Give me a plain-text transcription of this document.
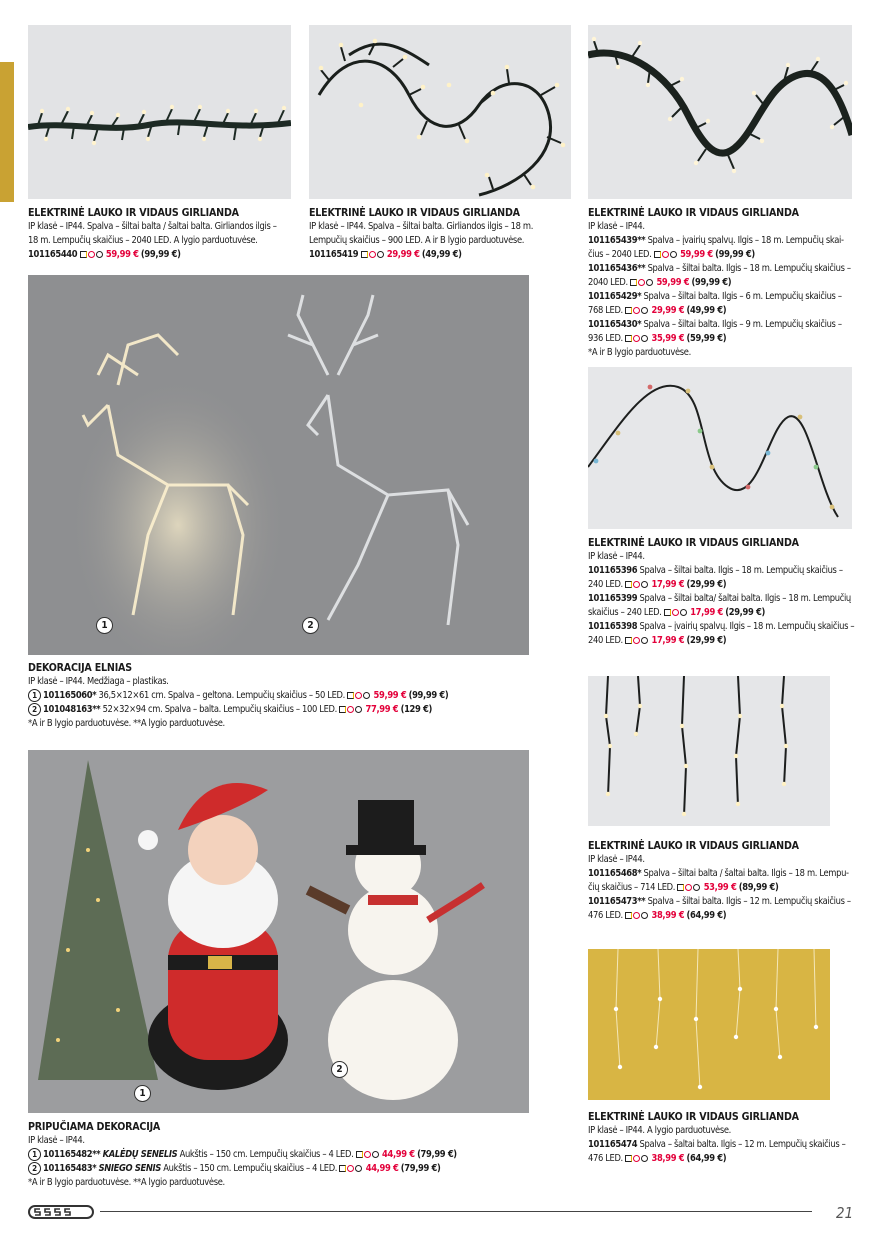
1	2
1
2
ELEKTRINĖ LAUKO IR VIDAUS GIRLIANDA
IP klasė – IP44. Spalva – šiltai balta / šaltai balta. Girliandos ilgis –
18 m. Lempučių skaičius – 2040 LED. A lygio parduotuvėse.
101165440	59,99 € (99,99 €)
ELEKTRINĖ LAUKO IR VIDAUS GIRLIANDA
IP klasė – IP44. Spalva – šiltai balta. Girliandos ilgis – 18 m.
Lempučių skaičius – 900 LED. A ir B lygio parduotuvėse.
101165419	29,99 € (49,99 €)
ELEKTRINĖ LAUKO IR VIDAUS GIRLIANDA
IP klasė – IP44.
101165439** Spalva – įvairių spalvų. Ilgis – 18 m. Lempučių skai-
čius – 2040 LED.	59,99 € (99,99 €)
101165436** Spalva – šiltai balta. Ilgis – 18 m. Lempučių skaičius –
2040 LED.	59,99 € (99,99 €)
101165429* Spalva – šiltai balta. Ilgis – 6 m. Lempučių skaičius –
768 LED.	29,99 € (49,99 €)
101165430* Spalva – šiltai balta. Ilgis – 9 m. Lempučių skaičius –
936 LED.	35,99 € (59,99 €)
*A ir B lygio parduotuvėse.
ELEKTRINĖ LAUKO IR VIDAUS GIRLIANDA
IP klasė – IP44.
101165396 Spalva – šiltai balta. Ilgis – 18 m. Lempučių skaičius –
240 LED.	17,99 € (29,99 €)
101165399 Spalva – šiltai balta/ šaltai balta. Ilgis – 18 m. Lempučių
skaičius – 240 LED.	17,99 € (29,99 €)
101165398 Spalva – įvairių spalvų. Ilgis – 18 m. Lempučių skaičius –
240 LED.	17,99 € (29,99 €)
DEKORACIJA ELNIAS
IP klasė – IP44. Medžiaga – plastikas.
1 101165060* 36,5×12×61 cm. Spalva – geltona. Lempučių skaičius – 50 LED.	59,99 € (99,99 €)
2 101048163** 52×32×94 cm. Spalva – balta. Lempučių skaičius – 100 LED.	77,99 € (129 €)
*A ir B lygio parduotuvėse. **A lygio parduotuvėse.
ELEKTRINĖ LAUKO IR VIDAUS GIRLIANDA
IP klasė – IP44.
101165468* Spalva – šiltai balta / šaltai balta. Ilgis – 18 m. Lempu-
čių skaičius – 714 LED.	53,99 € (89,99 €)
101165473** Spalva – šiltai balta. Ilgis – 12 m. Lempučių skaičius –
476 LED.	38,99 € (64,99 €)
PRIPUČIAMA DEKORACIJA
IP klasė – IP44.
1 101165482** KALĖDŲ SENELIS Aukštis – 150 cm. Lempučių skaičius – 4 LED.	44,99 € (79,99 €)
2 101165483* SNIEGO SENIS Aukštis – 150 cm. Lempučių skaičius – 4 LED.	44,99 € (79,99 €)
*A ir B lygio parduotuvėse. **A lygio parduotuvėse.
ELEKTRINĖ LAUKO IR VIDAUS GIRLIANDA
IP klasė – IP44. A lygio parduotuvėse.
101165474 Spalva – šaltai balta. Ilgis – 12 m. Lempučių skaičius –
476 LED.	38,99 € (64,99 €)
21
